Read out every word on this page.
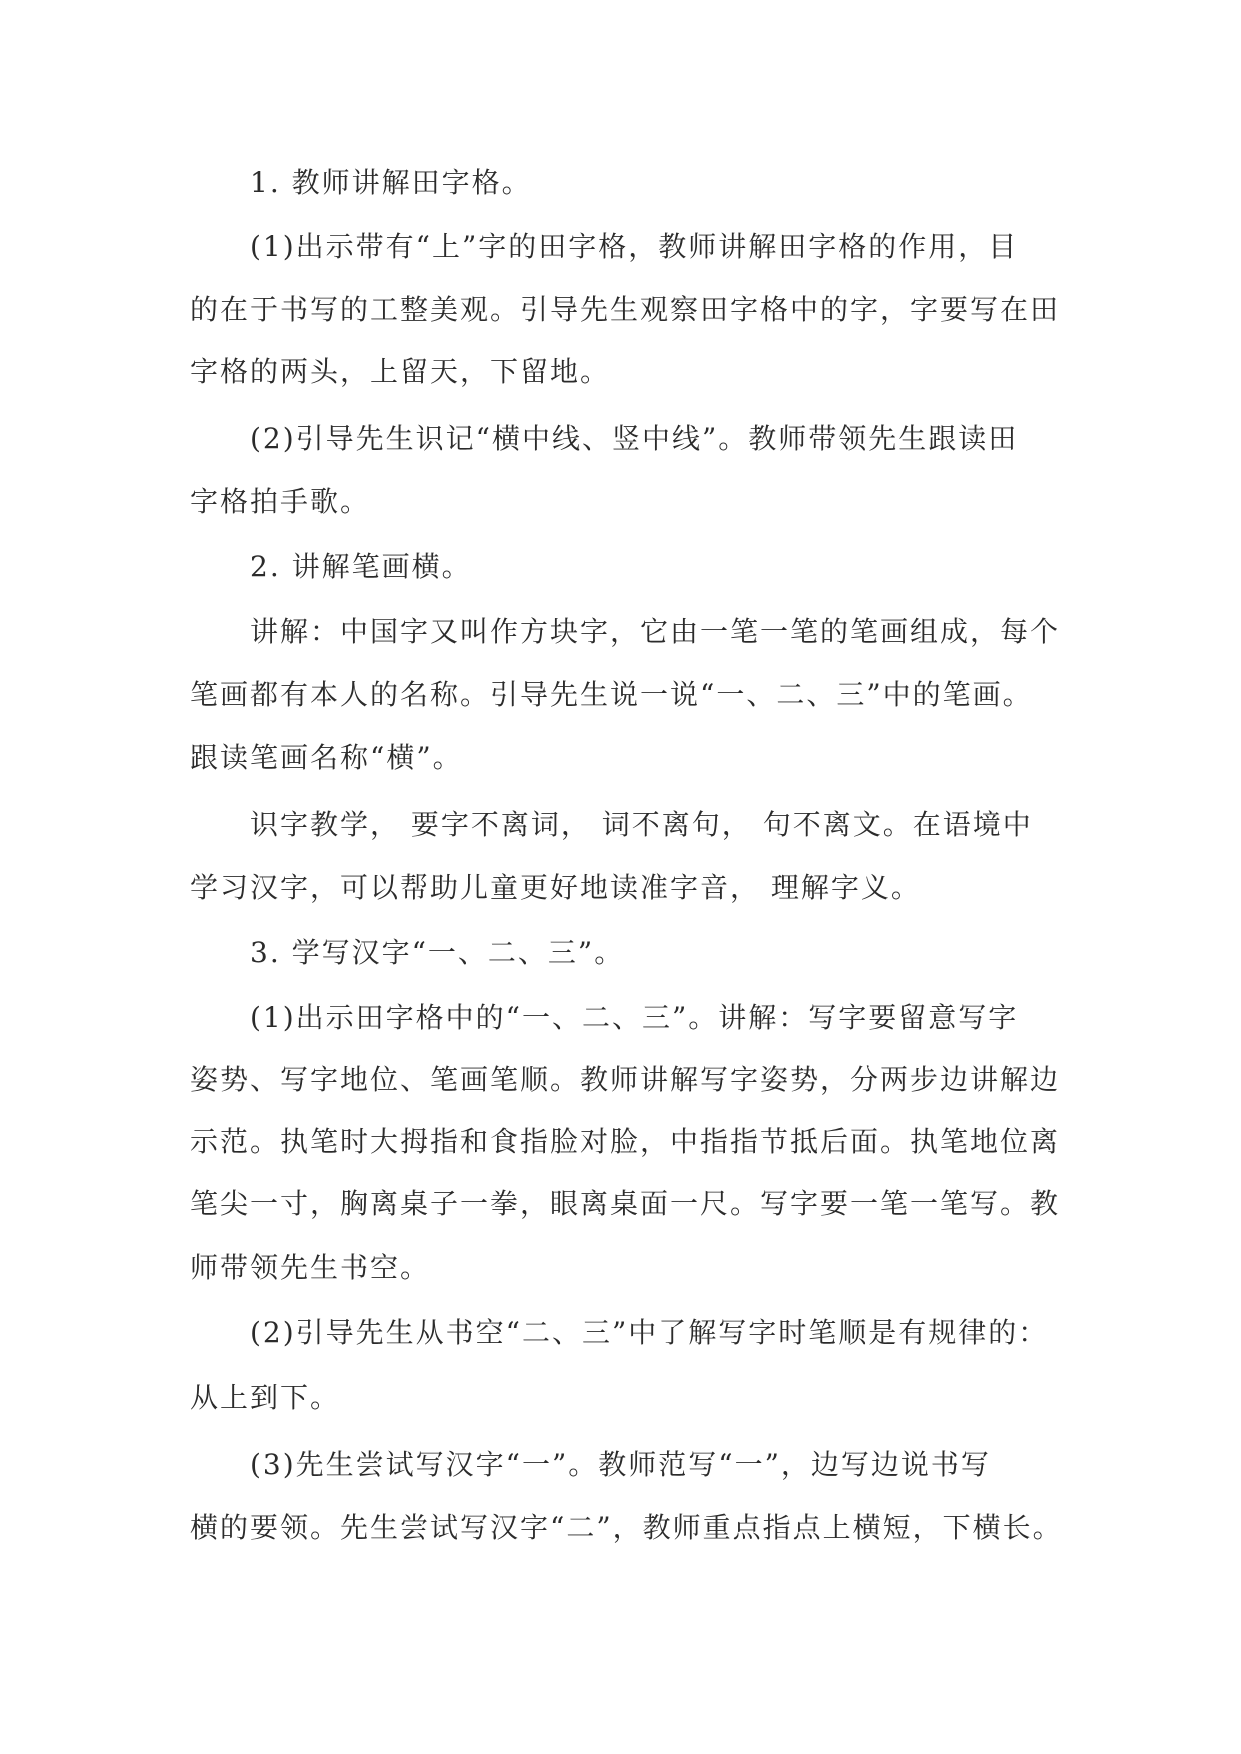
1. 教师讲解田字格。
(1)出示带有“上”字的田字格，教师讲解田字格的作用，目
的在于书写的工整美观。引导先生观察田字格中的字，字要写在田
字格的两头，上留天，下留地。
(2)引导先生识记“横中线、竖中线”。教师带领先生跟读田
字格拍手歌。
2. 讲解笔画横。
讲解：中国字又叫作方块字，它由一笔一笔的笔画组成，每个
笔画都有本人的名称。引导先生说一说“一、二、三”中的笔画。
跟读笔画名称“横”。
识字教学， 要字不离词， 词不离句， 句不离文。在语境中
学习汉字，可以帮助儿童更好地读准字音， 理解字义。
3. 学写汉字“一、二、三”。
(1)出示田字格中的“一、二、三”。讲解：写字要留意写字
姿势、写字地位、笔画笔顺。教师讲解写字姿势，分两步边讲解边
示范。执笔时大拇指和食指脸对脸，中指指节抵后面。执笔地位离
笔尖一寸，胸离桌子一拳，眼离桌面一尺。写字要一笔一笔写。教
师带领先生书空。
(2)引导先生从书空“二、三”中了解写字时笔顺是有规律的：
从上到下。
(3)先生尝试写汉字“一”。教师范写“一”，边写边说书写
横的要领。先生尝试写汉字“二”，教师重点指点上横短，下横长。
